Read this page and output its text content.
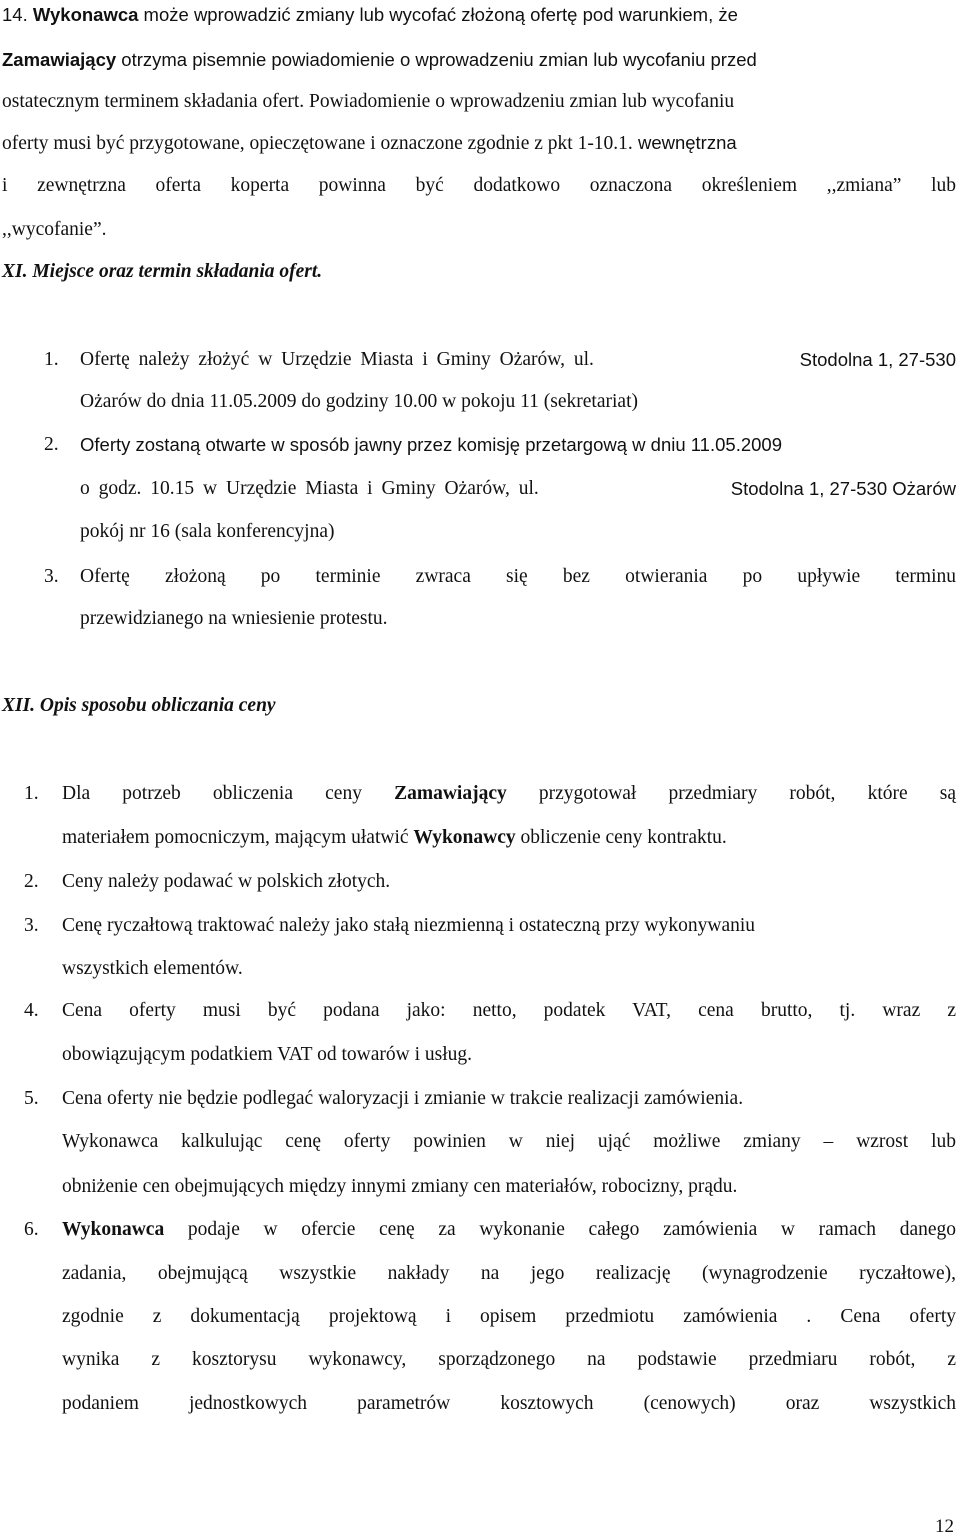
14. Wykonawca może wprowadzić zmiany lub wycofać złożoną ofertę pod warunkiem, że
Zamawiający otrzyma pisemnie powiadomienie o wprowadzeniu zmian lub wycofaniu przed
ostatecznym terminem składania ofert. Powiadomienie o wprowadzeniu zmian lub wycofaniu
oferty musi być przygotowane, opieczętowane i oznaczone zgodnie z pkt 1-10.1. wewnętrzna
i zewnętrzna oferta koperta powinna być dodatkowo oznaczona określeniem ,,zmiana” lub
,,wycofanie”.
XI. Miejsce oraz termin składania ofert.
1. Ofertę należy złożyć w Urzędzie Miasta i Gminy Ożarów, ul.	Stodolna 1, 27-530
Ożarów do dnia 11.05.2009 do godziny 10.00 w pokoju 11 (sekretariat)
2. Oferty zostaną otwarte w sposób jawny przez komisję przetargową w dniu 11.05.2009
o godz. 10.15 w Urzędzie Miasta i Gminy Ożarów, ul.	Stodolna 1, 27-530 Ożarów
pokój nr 16 (sala konferencyjna)
3. Ofertę złożoną po terminie zwraca się bez otwierania po upływie terminu
przewidzianego na wniesienie protestu.
XII. Opis sposobu obliczania ceny
1. Dla potrzeb obliczenia ceny Zamawiający przygotował przedmiary robót, które są
materiałem pomocniczym, mającym ułatwić Wykonawcy obliczenie ceny kontraktu.
2. Ceny należy podawać w polskich złotych.
3. Cenę ryczałtową traktować należy jako stałą niezmienną i ostateczną przy wykonywaniu
wszystkich elementów.
4. Cena oferty musi być podana jako: netto, podatek VAT, cena brutto, tj. wraz z
obowiązującym podatkiem VAT od towarów i usług.
5. Cena oferty nie będzie podlegać waloryzacji i zmianie w trakcie realizacji zamówienia.
Wykonawca kalkulując cenę oferty powinien w niej ująć możliwe zmiany – wzrost lub
obniżenie cen obejmujących między innymi zmiany cen materiałów, robocizny, prądu.
6. Wykonawca podaje w ofercie cenę za wykonanie całego zamówienia w ramach danego
zadania, obejmującą wszystkie nakłady na jego realizację (wynagrodzenie ryczałtowe),
zgodnie z dokumentacją projektową i opisem przedmiotu zamówienia . Cena oferty
wynika z kosztorysu wykonawcy, sporządzonego na podstawie przedmiaru robót, z
podaniem jednostkowych parametrów kosztowych (cenowych) oraz wszystkich
12
